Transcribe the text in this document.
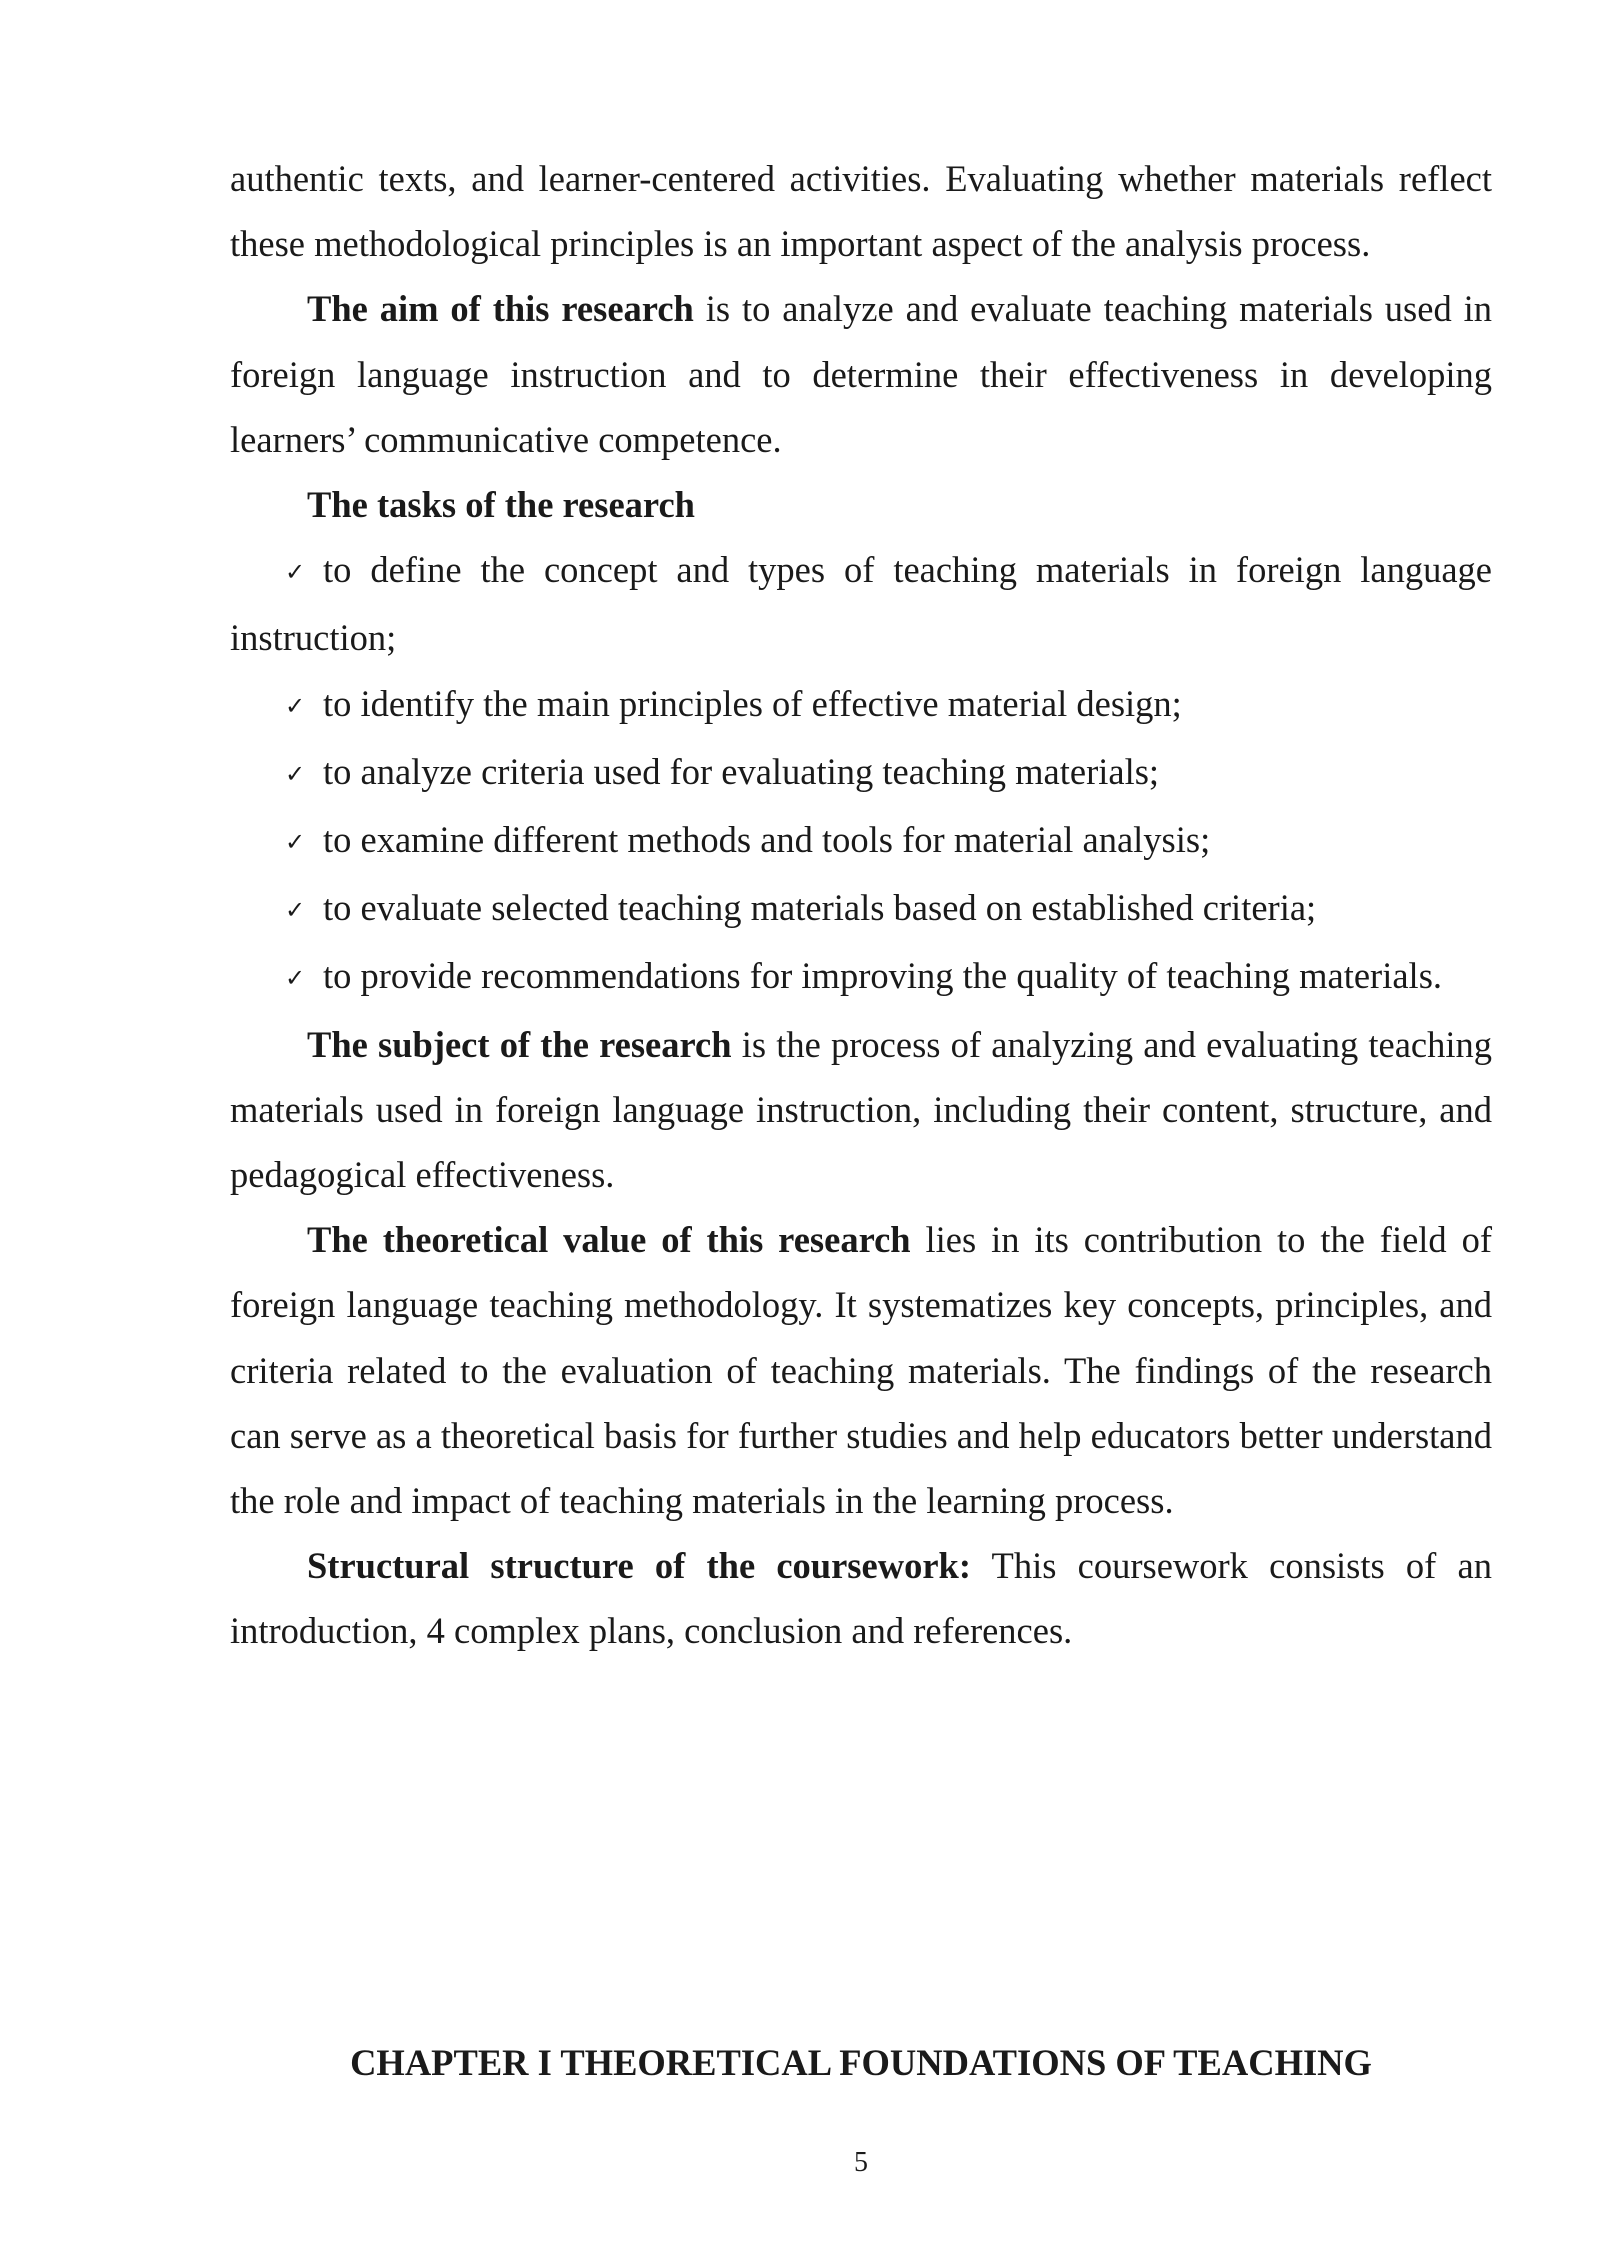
authentic texts, and learner-centered activities. Evaluating whether materials reflect these methodological principles is an important aspect of the analysis process.

The aim of this research is to analyze and evaluate teaching materials used in foreign language instruction and to determine their effectiveness in developing learners’ communicative competence.

The tasks of the research

✓ to define the concept and types of teaching materials in foreign language instruction;

✓ to identify the main principles of effective material design;

✓ to analyze criteria used for evaluating teaching materials;

✓ to examine different methods and tools for material analysis;

✓ to evaluate selected teaching materials based on established criteria;

✓ to provide recommendations for improving the quality of teaching materials.

The subject of the research is the process of analyzing and evaluating teaching materials used in foreign language instruction, including their content, structure, and pedagogical effectiveness.

The theoretical value of this research lies in its contribution to the field of foreign language teaching methodology. It systematizes key concepts, principles, and criteria related to the evaluation of teaching materials. The findings of the research can serve as a theoretical basis for further studies and help educators better understand the role and impact of teaching materials in the learning process.

Structural structure of the coursework: This coursework consists of an introduction, 4 complex plans, conclusion and references.

CHAPTER I THEORETICAL FOUNDATIONS OF TEACHING
5
